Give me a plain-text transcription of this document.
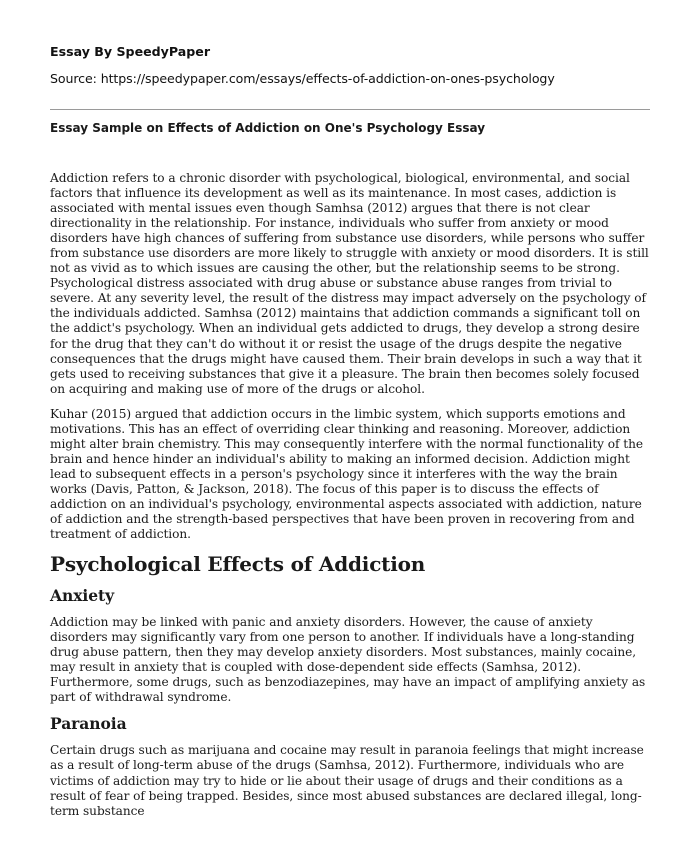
Essay By SpeedyPaper
Source: https://speedypaper.com/essays/effects-of-addiction-on-ones-psychology
Essay Sample on Effects of Addiction on One's Psychology Essay

Addiction refers to a chronic disorder with psychological, biological, environmental, and social factors that influence its development as well as its maintenance. In most cases, addiction is associated with mental issues even though Samhsa (2012) argues that there is not clear directionality in the relationship. For instance, individuals who suffer from anxiety or mood disorders have high chances of suffering from substance use disorders, while persons who suffer from substance use disorders are more likely to struggle with anxiety or mood disorders. It is still not as vivid as to which issues are causing the other, but the relationship seems to be strong. Psychological distress associated with drug abuse or substance abuse ranges from trivial to severe. At any severity level, the result of the distress may impact adversely on the psychology of the individuals addicted. Samhsa (2012) maintains that addiction commands a significant toll on the addict's psychology. When an individual gets addicted to drugs, they develop a strong desire for the drug that they can't do without it or resist the usage of the drugs despite the negative consequences that the drugs might have caused them. Their brain develops in such a way that it gets used to receiving substances that give it a pleasure. The brain then becomes solely focused on acquiring and making use of more of the drugs or alcohol.

Kuhar (2015) argued that addiction occurs in the limbic system, which supports emotions and motivations. This has an effect of overriding clear thinking and reasoning. Moreover, addiction might alter brain chemistry. This may consequently interfere with the normal functionality of the brain and hence hinder an individual's ability to making an informed decision. Addiction might lead to subsequent effects in a person's psychology since it interferes with the way the brain works (Davis, Patton, & Jackson, 2018). The focus of this paper is to discuss the effects of addiction on an individual's psychology, environmental aspects associated with addiction, nature of addiction and the strength-based perspectives that have been proven in recovering from and treatment of addiction.

Psychological Effects of Addiction
Anxiety

Addiction may be linked with panic and anxiety disorders. However, the cause of anxiety disorders may significantly vary from one person to another. If individuals have a long-standing drug abuse pattern, then they may develop anxiety disorders. Most substances, mainly cocaine, may result in anxiety that is coupled with dose-dependent side effects (Samhsa, 2012). Furthermore, some drugs, such as benzodiazepines, may have an impact of amplifying anxiety as part of withdrawal syndrome.

Paranoia

Certain drugs such as marijuana and cocaine may result in paranoia feelings that might increase as a result of long-term abuse of the drugs (Samhsa, 2012). Furthermore, individuals who are victims of addiction may try to hide or lie about their usage of drugs and their conditions as a result of fear of being trapped. Besides, since most abused substances are declared illegal, long-term substance
